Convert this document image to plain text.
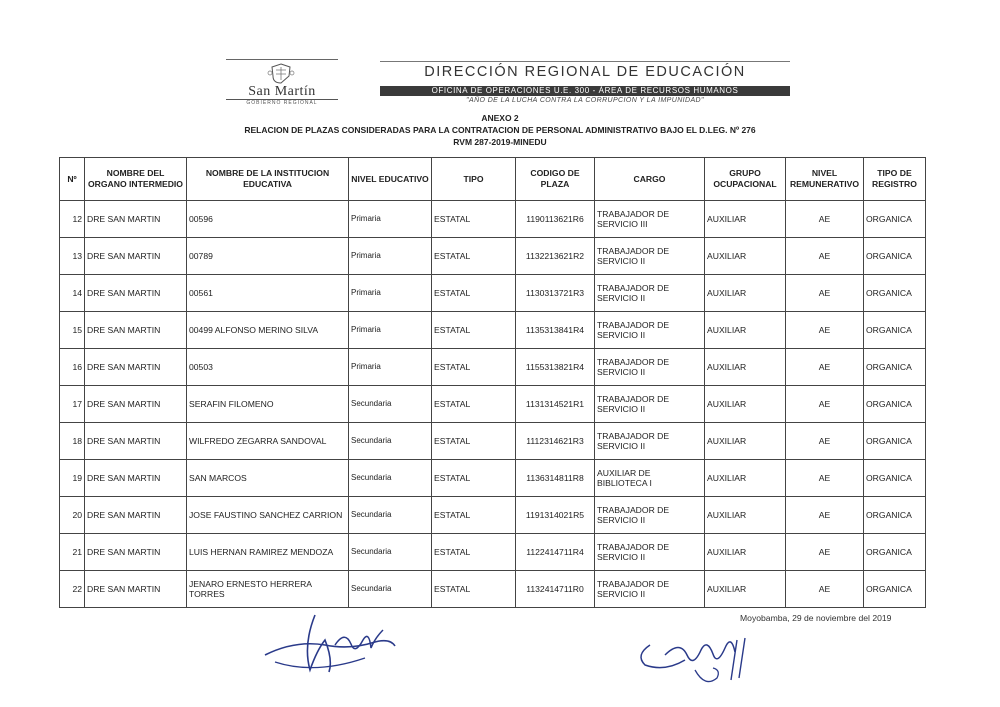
San Martín
GOBIERNO REGIONAL
DIRECCIÓN REGIONAL DE EDUCACIÓN
OFICINA DE OPERACIONES U.E. 300 - ÁREA DE RECURSOS HUMANOS
"AÑO DE LA LUCHA CONTRA LA CORRUPCIÓN Y LA IMPUNIDAD"
ANEXO 2
RELACION DE PLAZAS CONSIDERADAS PARA LA CONTRATACION DE PERSONAL ADMINISTRATIVO BAJO EL D.LEG. Nº 276
RVM 287-2019-MINEDU
Nº	NOMBRE DEL ORGANO INTERMEDIO	NOMBRE DE LA INSTITUCION EDUCATIVA	NIVEL EDUCATIVO	TIPO	CODIGO DE PLAZA	CARGO	GRUPO OCUPACIONAL	NIVEL REMUNERATIVO	TIPO DE REGISTRO
12	DRE SAN MARTIN	00596	Primaria	ESTATAL	1190113621R6	TRABAJADOR DE SERVICIO III	AUXILIAR	AE	ORGANICA
13	DRE SAN MARTIN	00789	Primaria	ESTATAL	1132213621R2	TRABAJADOR DE SERVICIO II	AUXILIAR	AE	ORGANICA
14	DRE SAN MARTIN	00561	Primaria	ESTATAL	1130313721R3	TRABAJADOR DE SERVICIO II	AUXILIAR	AE	ORGANICA
15	DRE SAN MARTIN	00499 ALFONSO MERINO SILVA	Primaria	ESTATAL	1135313841R4	TRABAJADOR DE SERVICIO II	AUXILIAR	AE	ORGANICA
16	DRE SAN MARTIN	00503	Primaria	ESTATAL	1155313821R4	TRABAJADOR DE SERVICIO II	AUXILIAR	AE	ORGANICA
17	DRE SAN MARTIN	SERAFIN FILOMENO	Secundaria	ESTATAL	1131314521R1	TRABAJADOR DE SERVICIO II	AUXILIAR	AE	ORGANICA
18	DRE SAN MARTIN	WILFREDO ZEGARRA SANDOVAL	Secundaria	ESTATAL	1112314621R3	TRABAJADOR DE SERVICIO II	AUXILIAR	AE	ORGANICA
19	DRE SAN MARTIN	SAN MARCOS	Secundaria	ESTATAL	1136314811R8	AUXILIAR DE BIBLIOTECA I	AUXILIAR	AE	ORGANICA
20	DRE SAN MARTIN	JOSE FAUSTINO SANCHEZ CARRION	Secundaria	ESTATAL	1191314021R5	TRABAJADOR DE SERVICIO II	AUXILIAR	AE	ORGANICA
21	DRE SAN MARTIN	LUIS HERNAN RAMIREZ MENDOZA	Secundaria	ESTATAL	1122414711R4	TRABAJADOR DE SERVICIO II	AUXILIAR	AE	ORGANICA
22	DRE SAN MARTIN	JENARO ERNESTO HERRERA TORRES	Secundaria	ESTATAL	1132414711R0	TRABAJADOR DE SERVICIO II	AUXILIAR	AE	ORGANICA
Moyobamba, 29 de noviembre del 2019
